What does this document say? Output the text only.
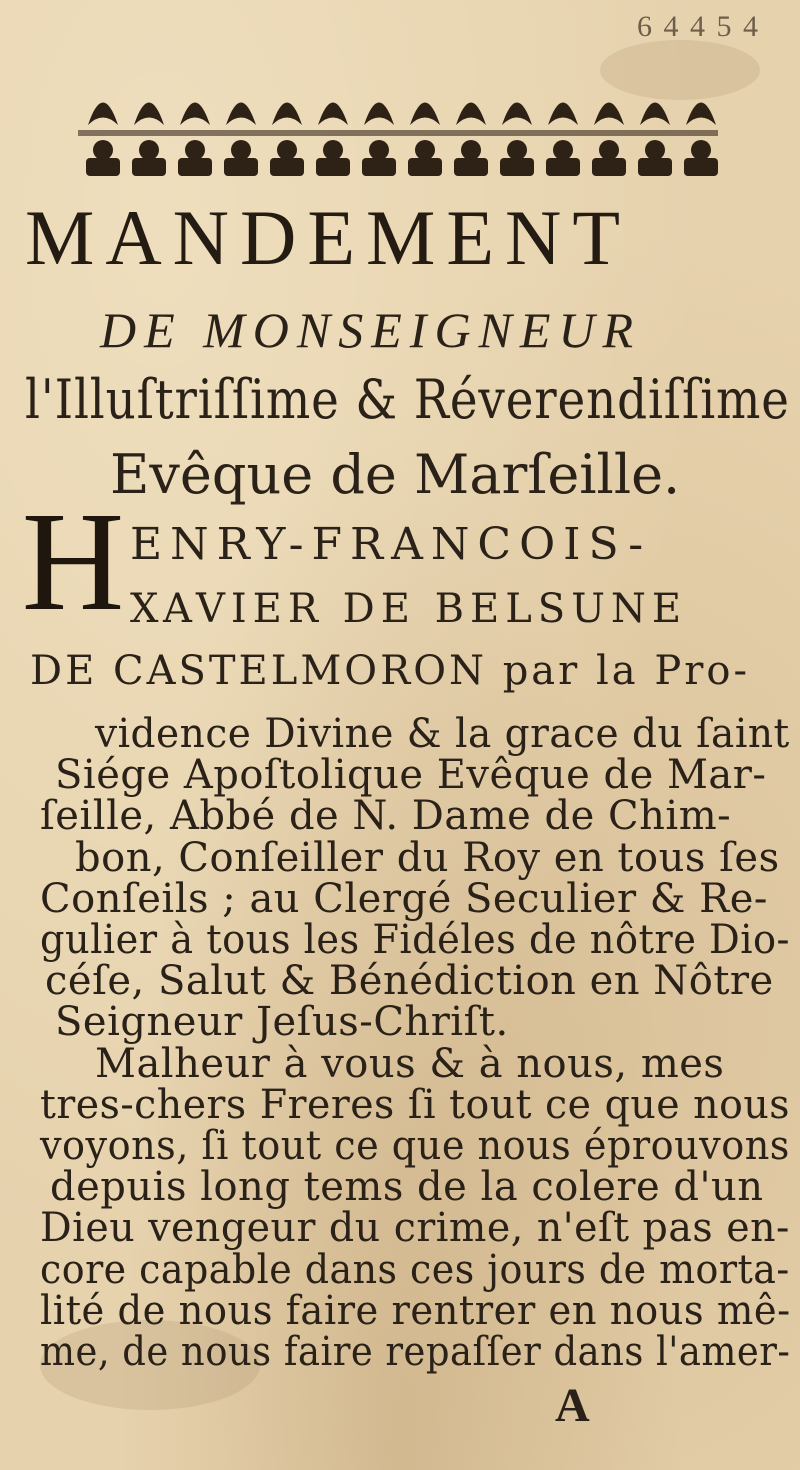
6 4 4 5 4
MANDEMENT
DE MONSEIGNEUR
l'Illuſtriſſime & Réverendiſſime
Evêque de Marſeille.
H ENRY-FRANCOIS-
XAVIER DE BELSUNE
DE CASTELMORON par la Pro-
vidence Divine & la grace du ſaint
Siége Apoſtolique Evêque de Mar-
ſeille, Abbé de N. Dame de Chim-
bon, Conſeiller du Roy en tous ſes
Conſeils ; au Clergé Seculier & Re-
gulier à tous les Fidéles de nôtre Dio-
céſe, Salut & Bénédiction en Nôtre
Seigneur Jeſus-Chriſt.
Malheur à vous & à nous, mes
tres-chers Freres ſi tout ce que nous
voyons, ſi tout ce que nous éprouvons
depuis long tems de la colere d'un
Dieu vengeur du crime, n'eſt pas en-
core capable dans ces jours de morta-
lité de nous faire rentrer en nous mê-
me, de nous faire repaſſer dans l'amer-
A
